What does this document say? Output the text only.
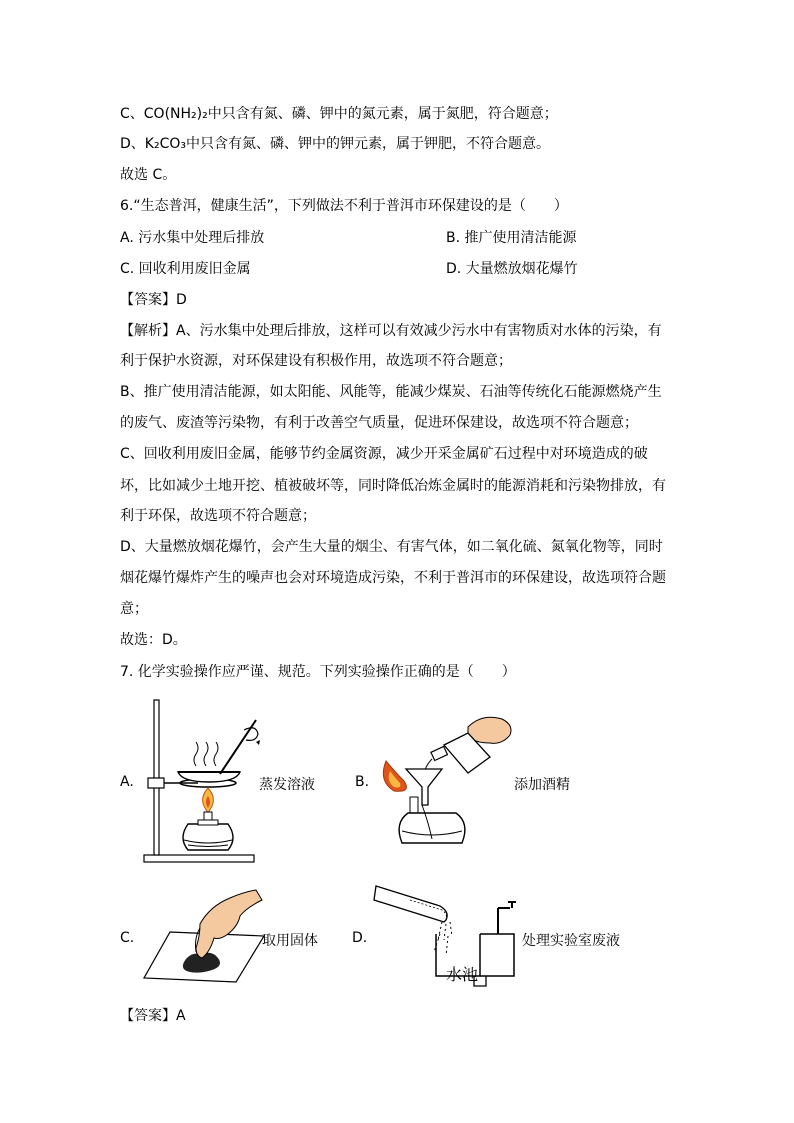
C、CO(NH₂)₂中只含有氮、磷、钾中的氮元素，属于氮肥，符合题意；
D、K₂CO₃中只含有氮、磷、钾中的钾元素，属于钾肥，不符合题意。
故选 C。
6.“生态普洱，健康生活”，下列做法不利于普洱市环保建设的是（　　）
A. 污水集中处理后排放	B. 推广使用清洁能源
C. 回收利用废旧金属	D. 大量燃放烟花爆竹
【答案】D
【解析】A、污水集中处理后排放，这样可以有效减少污水中有害物质对水体的污染，有
利于保护水资源，对环保建设有积极作用，故选项不符合题意；
B、推广使用清洁能源，如太阳能、风能等，能减少煤炭、石油等传统化石能源燃烧产生
的废气、废渣等污染物，有利于改善空气质量，促进环保建设，故选项不符合题意；
C、回收利用废旧金属，能够节约金属资源，减少开采金属矿石过程中对环境造成的破
坏，比如减少土地开挖、植被破坏等，同时降低冶炼金属时的能源消耗和污染物排放，有
利于环保，故选项不符合题意；
D、大量燃放烟花爆竹，会产生大量的烟尘、有害气体，如二氧化硫、氮氧化物等，同时
烟花爆竹爆炸产生的噪声也会对环境造成污染，不利于普洱市的环保建设，故选项符合题
意；
故选：D。
7. 化学实验操作应严谨、规范。下列实验操作正确的是（　　）
A.	蒸发溶液	B.	添加酒精
C.	取用固体 D.
水池
处理实验室废液
【答案】A
